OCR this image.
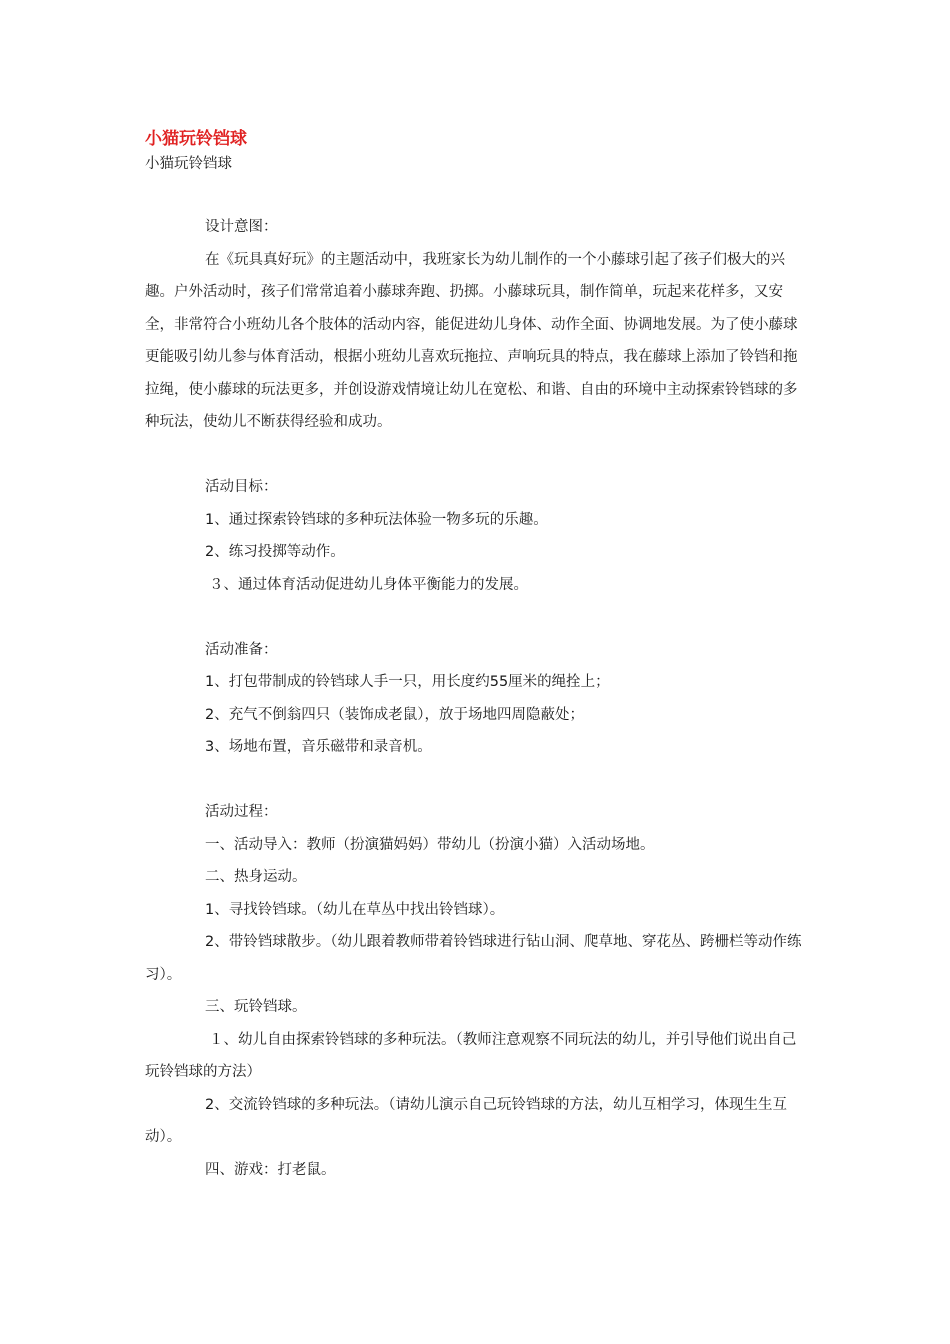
小猫玩铃铛球
小猫玩铃铛球

设计意图：

在《玩具真好玩》的主题活动中，我班家长为幼儿制作的一个小藤球引起了孩子们极大的兴趣。户外活动时，孩子们常常追着小藤球奔跑、扔掷。小藤球玩具，制作简单，玩起来花样多，又安全，非常符合小班幼儿各个肢体的活动内容，能促进幼儿身体、动作全面、协调地发展。为了使小藤球更能吸引幼儿参与体育活动，根据小班幼儿喜欢玩拖拉、声响玩具的特点，我在藤球上添加了铃铛和拖拉绳，使小藤球的玩法更多，并创设游戏情境让幼儿在宽松、和谐、自由的环境中主动探索铃铛球的多种玩法，使幼儿不断获得经验和成功。

活动目标：

1、通过探索铃铛球的多种玩法体验一物多玩的乐趣。

2、练习投掷等动作。

３、通过体育活动促进幼儿身体平衡能力的发展。

活动准备：

1、打包带制成的铃铛球人手一只，用长度约55厘米的绳拴上；

2、充气不倒翁四只（装饰成老鼠），放于场地四周隐蔽处；

3、场地布置，音乐磁带和录音机。

活动过程：

一、活动导入：教师（扮演猫妈妈）带幼儿（扮演小猫）入活动场地。

二、热身运动。

1、寻找铃铛球。（幼儿在草丛中找出铃铛球）。

2、带铃铛球散步。（幼儿跟着教师带着铃铛球进行钻山洞、爬草地、穿花丛、跨栅栏等动作练习）。

三、玩铃铛球。

１、幼儿自由探索铃铛球的多种玩法。（教师注意观察不同玩法的幼儿，并引导他们说出自己玩铃铛球的方法）

2、交流铃铛球的多种玩法。（请幼儿演示自己玩铃铛球的方法，幼儿互相学习，体现生生互动）。

四、游戏：打老鼠。
